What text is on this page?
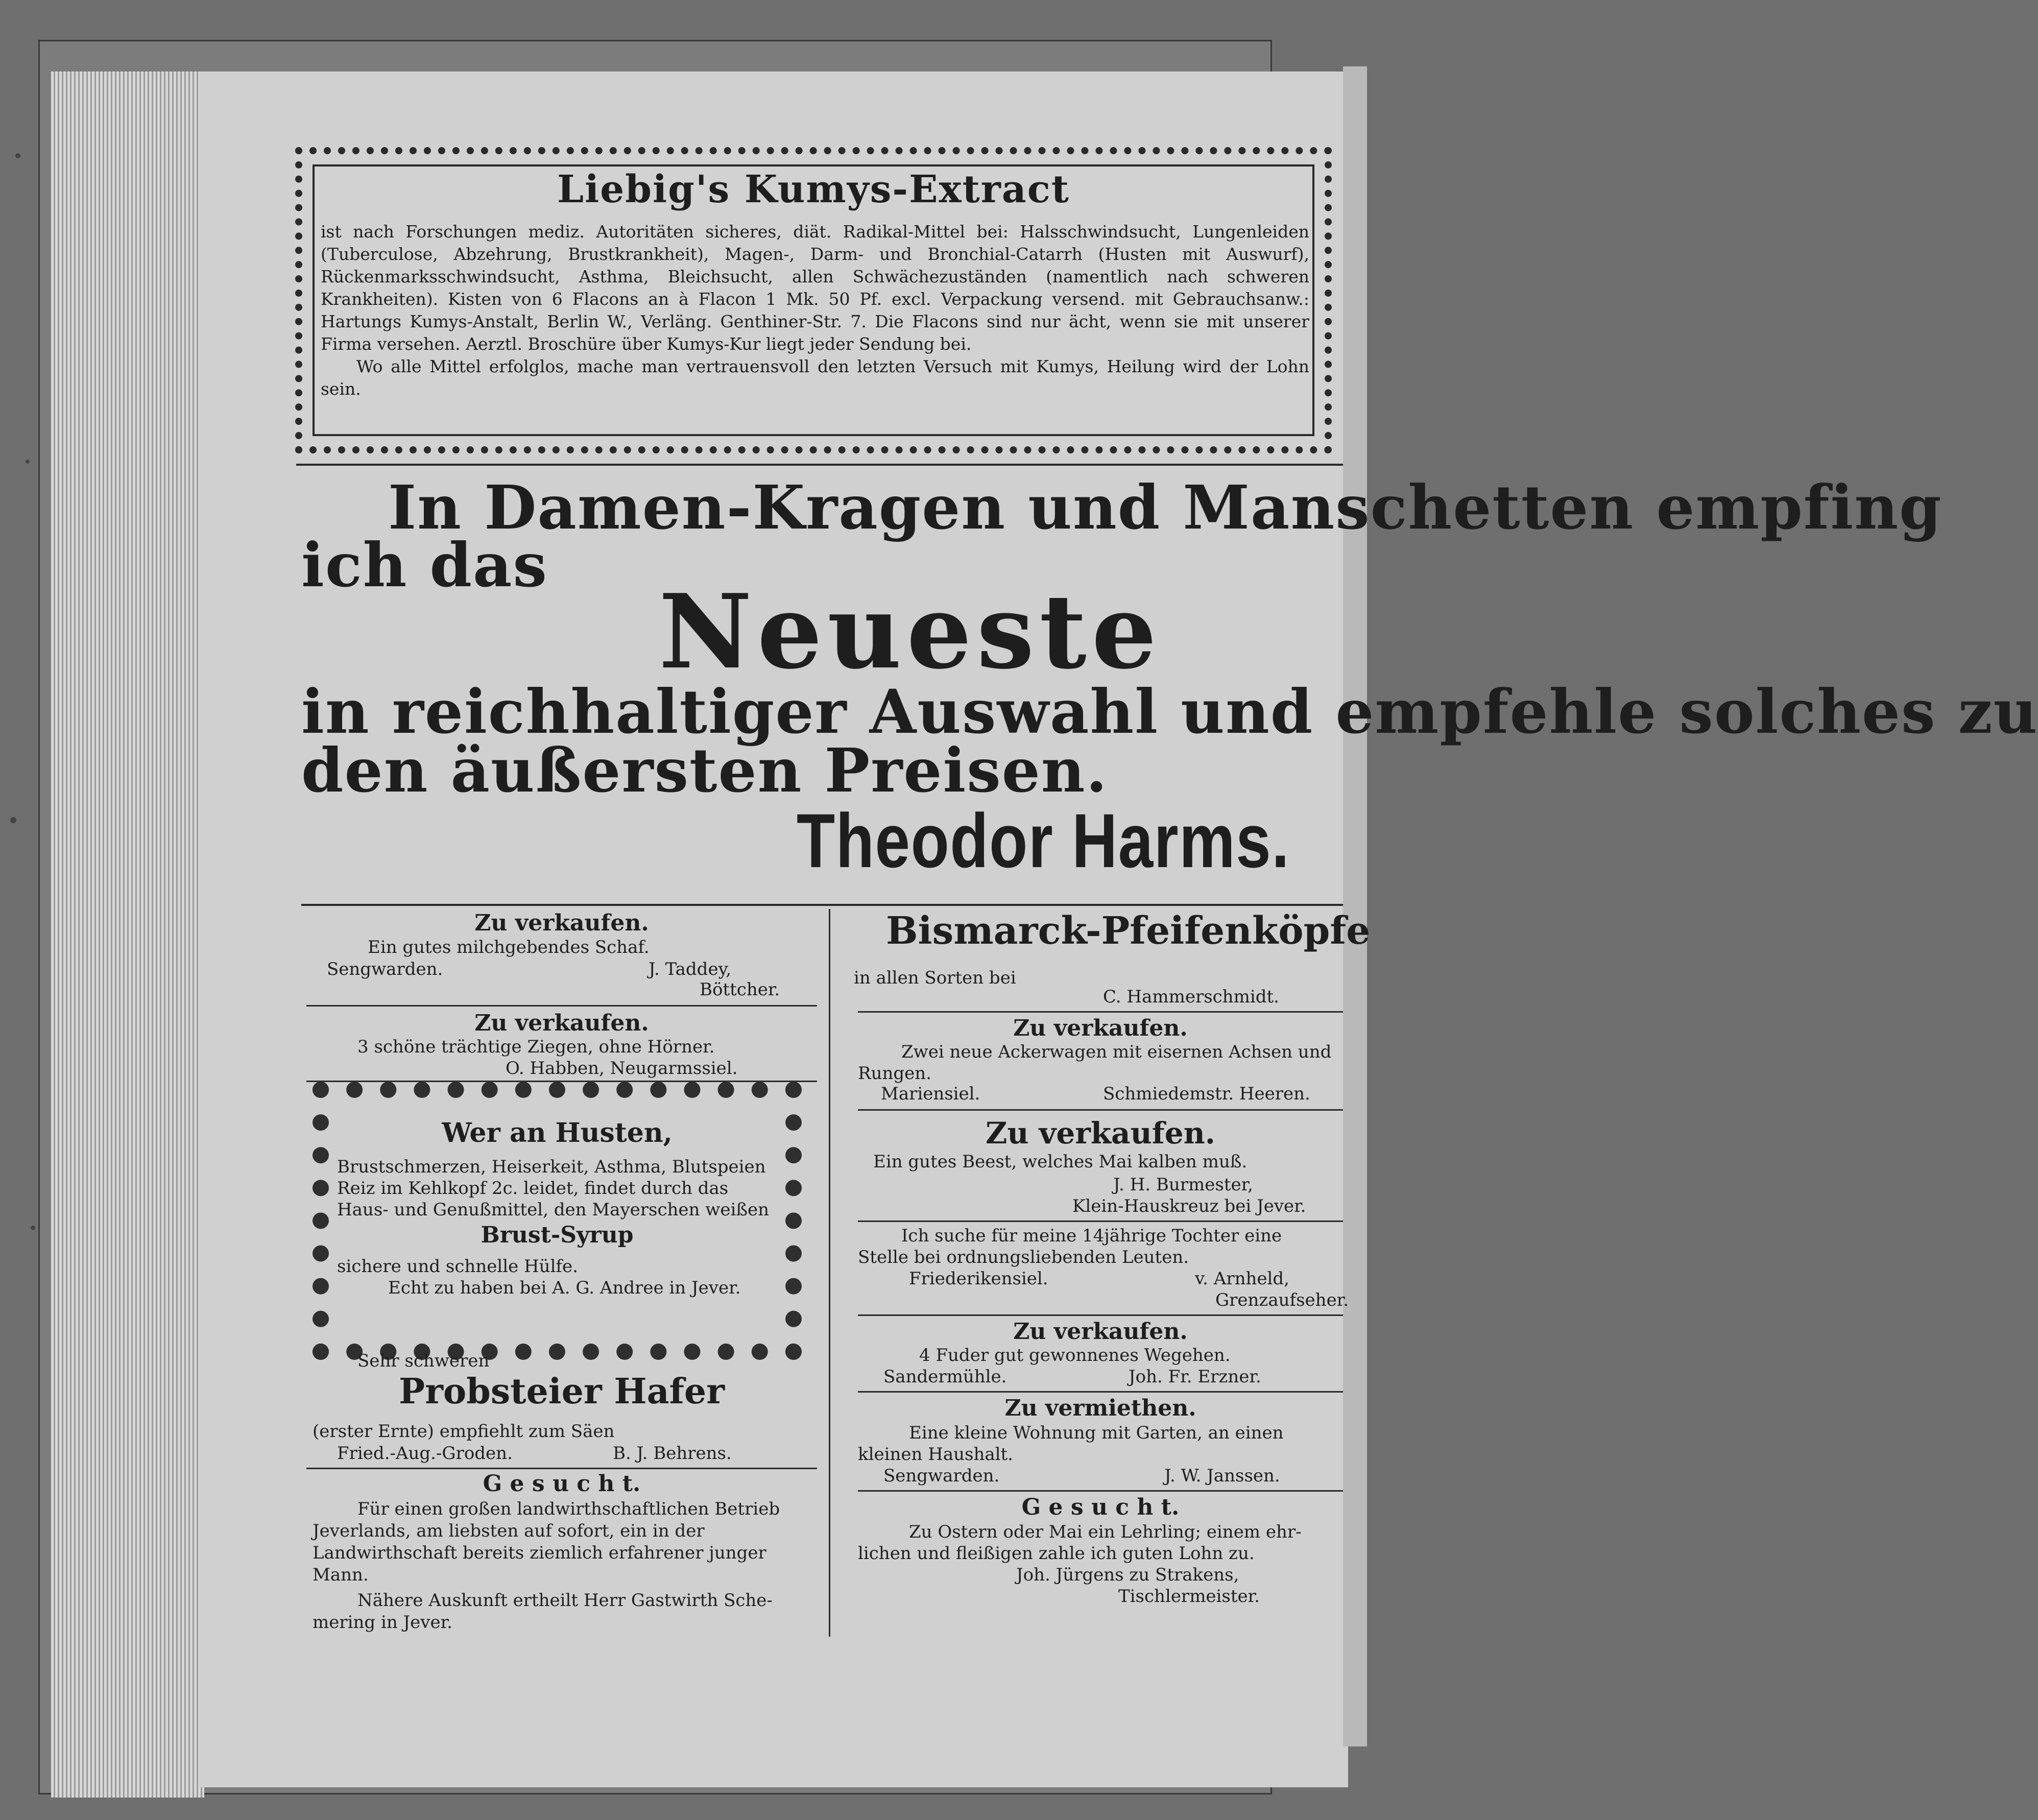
Liebig's Kumys-Extract

ist nach Forschungen mediz. Autoritäten sicheres, diät. Radikal-Mittel bei: Halsschwindsucht, Lungenleiden (Tuberculose, Abzehrung, Brustkrankheit), Magen-, Darm- und Bronchial-Catarrh (Husten mit Auswurf), Rückenmarksschwindsucht, Asthma, Bleichsucht, allen Schwächezuständen (namentlich nach schweren Krankheiten). Kisten von 6 Flacons an à Flacon 1 Mk. 50 Pf. excl. Verpackung versend. mit Gebrauchsanw.: Hartungs Kumys-Anstalt, Berlin W., Verläng. Genthiner-Str. 7. Die Flacons sind nur ächt, wenn sie mit unserer Firma versehen. Aerztl. Broschüre über Kumys-Kur liegt jeder Sendung bei.

Wo alle Mittel erfolglos, mache man vertrauensvoll den letzten Versuch mit Kumys, Heilung wird der Lohn sein.

In Damen-Kragen und Manschetten empfing
ich das
Neueste
in reichhaltiger Auswahl und empfehle solches zu
den äußersten Preisen.
Theodor Harms.
Zu verkaufen.
Ein gutes milchgebendes Schaf.
Sengwarden.	J. Taddey,
Böttcher.
Zu verkaufen.
3 schöne trächtige Ziegen, ohne Hörner.
O. Habben, Neugarmssiel.
Wer an Husten,
Brustschmerzen, Heiserkeit, Asthma, Blutspeien
Reiz im Kehlkopf 2c. leidet, findet durch das
Haus- und Genußmittel, den Mayerschen weißen
Brust-Syrup
sichere und schnelle Hülfe.
Echt zu haben bei A. G. Andree in Jever.
Sehr schweren
Probsteier Hafer
(erster Ernte) empfiehlt zum Säen
Fried.-Aug.-Groden.	B. J. Behrens.
G e s u c h t.
Für einen großen landwirthschaftlichen Betrieb
Jeverlands, am liebsten auf sofort, ein in der
Landwirthschaft bereits ziemlich erfahrener junger
Mann.
Nähere Auskunft ertheilt Herr Gastwirth Sche-
mering in Jever.
Bismarck-Pfeifenköpfe
in allen Sorten bei
C. Hammerschmidt.
Zu verkaufen.
Zwei neue Ackerwagen mit eisernen Achsen und
Rungen.
Mariensiel.	Schmiedemstr. Heeren.
Zu verkaufen.
Ein gutes Beest, welches Mai kalben muß.
J. H. Burmester,
Klein-Hauskreuz bei Jever.
Ich suche für meine 14jährige Tochter eine
Stelle bei ordnungsliebenden Leuten.
Friederikensiel.	v. Arnheld,
Grenzaufseher.
Zu verkaufen.
4 Fuder gut gewonnenes Wegehen.
Sandermühle.	Joh. Fr. Erzner.
Zu vermiethen.
Eine kleine Wohnung mit Garten, an einen
kleinen Haushalt.
Sengwarden.	J. W. Janssen.
G e s u c h t.
Zu Ostern oder Mai ein Lehrling; einem ehr-
lichen und fleißigen zahle ich guten Lohn zu.
Joh. Jürgens zu Strakens,
Tischlermeister.
